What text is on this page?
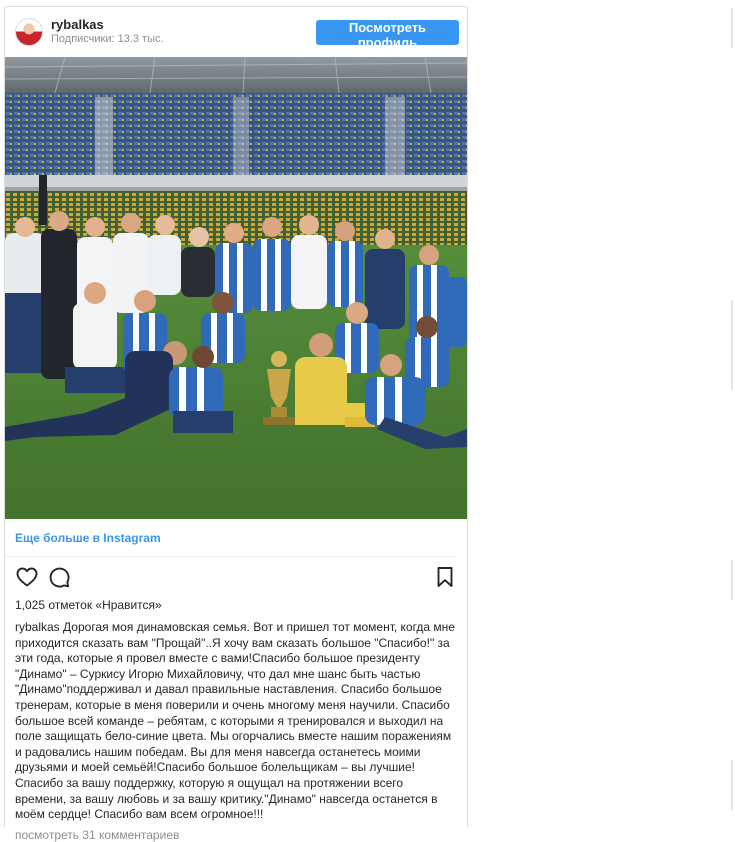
rybalkas
Подписчики: 13.3 тыс.
Посмотреть профиль
Еще больше в Instagram
1,025 отметок «Нравится»
rybalkas Дорогая моя динамовская семья. Вот и пришел тот момент, когда мне приходится сказать вам "Прощай"..Я хочу вам сказать большое "Спасибо!" за эти года, которые я провел вместе с вами!Спасибо большое президенту "Динамо" – Суркису Игорю Михайловичу, что дал мне шанс быть частью "Динамо"поддерживал и давал правильные наставления. Спасибо большое тренерам, которые в меня поверили и очень многому меня научили. Спасибо большое всей команде – ребятам, с которыми я тренировался и выходил на поле защищать бело-синие цвета. Мы огорчались вместе нашим поражениям и радовались нашим победам. Вы для меня навсегда останетесь моими друзьями и моей семьёй!Спасибо большое болельщикам – вы лучшие! Спасибо за вашу поддержку, которую я ощущал на протяжении всего времени, за вашу любовь и за вашу критику."Динамо" навсегда останется в моём сердце! Спасибо вам всем огромное!!!
посмотреть 31 комментариев
